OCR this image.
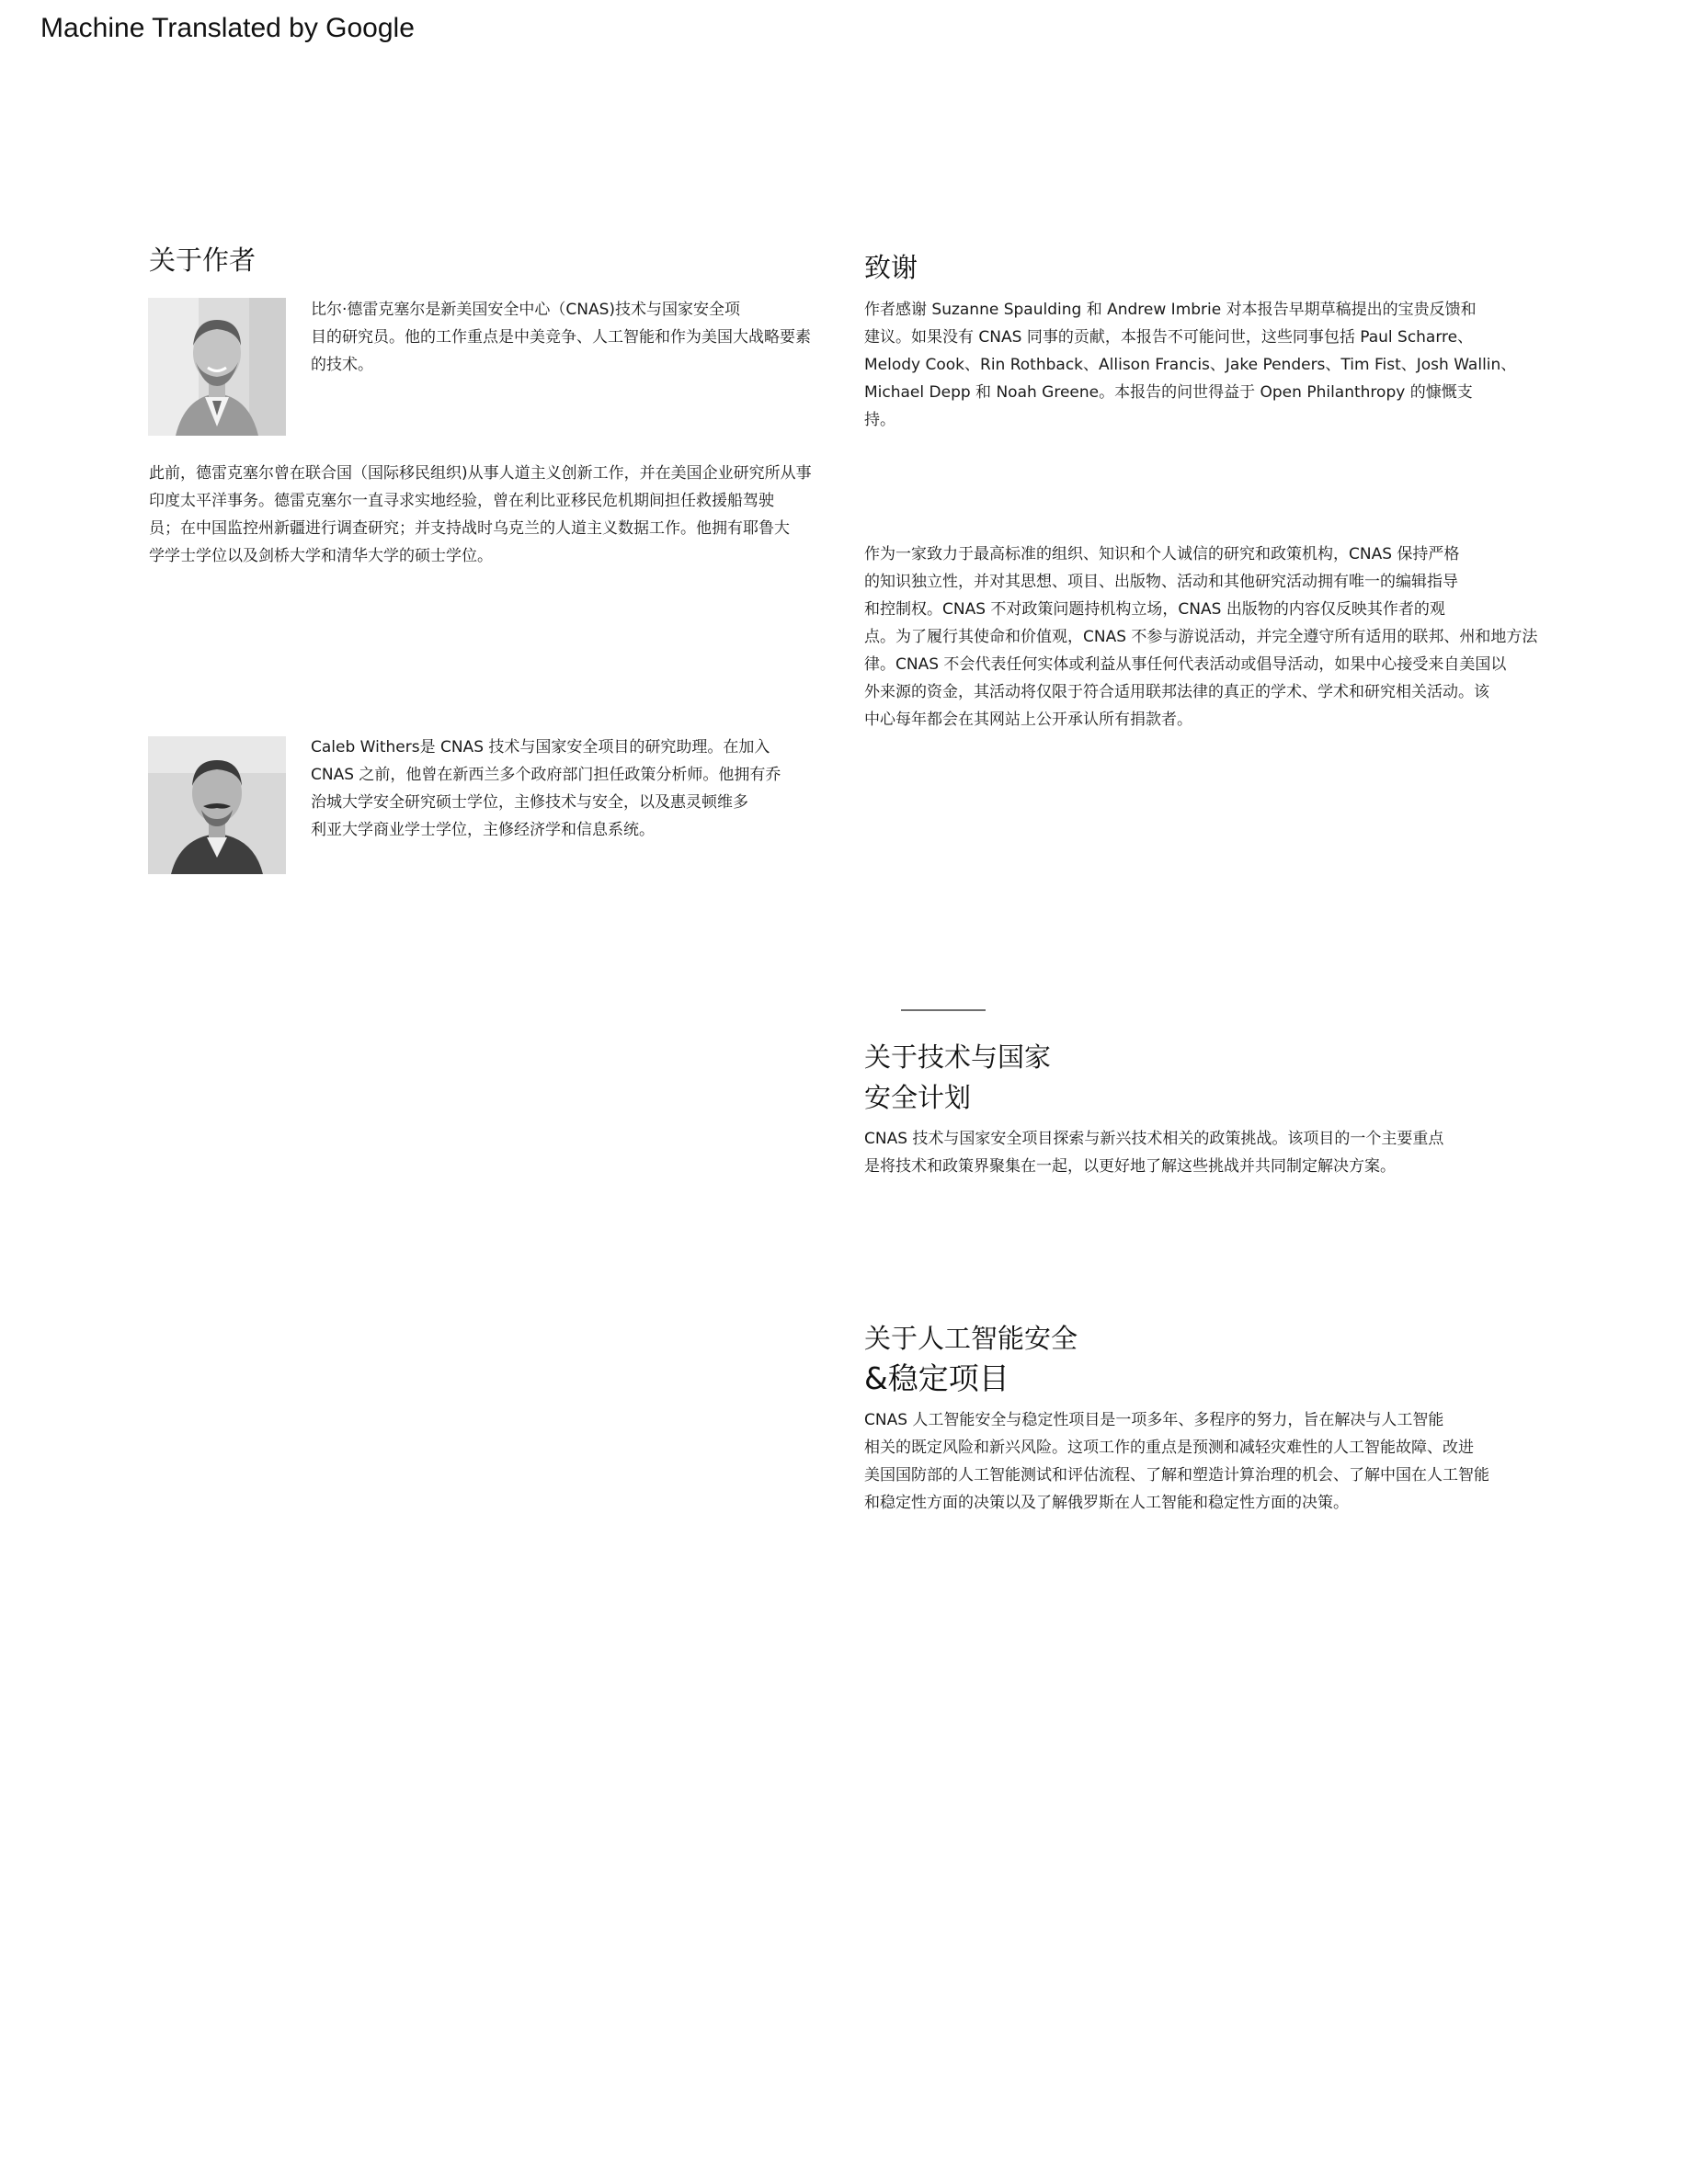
Machine Translated by Google
关于作者

比尔·德雷克塞尔是新美国安全中心（CNAS)技术与国家安全项
目的研究员。他的工作重点是中美竞争、人工智能和作为美国大战略要素
的技术。

此前，德雷克塞尔曾在联合国（国际移民组织)从事人道主义创新工作，并在美国企业研究所从事
印度太平洋事务。德雷克塞尔一直寻求实地经验，曾在利比亚移民危机期间担任救援船驾驶
员；在中国监控州新疆进行调查研究；并支持战时乌克兰的人道主义数据工作。他拥有耶鲁大
学学士学位以及剑桥大学和清华大学的硕士学位。

Caleb Withers是 CNAS 技术与国家安全项目的研究助理。在加入
CNAS 之前，他曾在新西兰多个政府部门担任政策分析师。他拥有乔
治城大学安全研究硕士学位，主修技术与安全，以及惠灵顿维多
利亚大学商业学士学位，主修经济学和信息系统。

致谢

作者感谢 Suzanne Spaulding 和 Andrew Imbrie 对本报告早期草稿提出的宝贵反馈和
建议。如果没有 CNAS 同事的贡献，本报告不可能问世，这些同事包括 Paul Scharre、
Melody Cook、Rin Rothback、Allison Francis、Jake Penders、Tim Fist、Josh Wallin、
Michael Depp 和 Noah Greene。本报告的问世得益于 Open Philanthropy 的慷慨支
持。

作为一家致力于最高标准的组织、知识和个人诚信的研究和政策机构，CNAS 保持严格
的知识独立性，并对其思想、项目、出版物、活动和其他研究活动拥有唯一的编辑指导
和控制权。CNAS 不对政策问题持机构立场，CNAS 出版物的内容仅反映其作者的观
点。为了履行其使命和价值观，CNAS 不参与游说活动，并完全遵守所有适用的联邦、州和地方法
律。CNAS 不会代表任何实体或利益从事任何代表活动或倡导活动，如果中心接受来自美国以
外来源的资金，其活动将仅限于符合适用联邦法律的真正的学术、学术和研究相关活动。该
中心每年都会在其网站上公开承认所有捐款者。

关于技术与国家
安全计划

CNAS 技术与国家安全项目探索与新兴技术相关的政策挑战。该项目的一个主要重点
是将技术和政策界聚集在一起，以更好地了解这些挑战并共同制定解决方案。

关于人工智能安全
&稳定项目

CNAS 人工智能安全与稳定性项目是一项多年、多程序的努力，旨在解决与人工智能
相关的既定风险和新兴风险。这项工作的重点是预测和减轻灾难性的人工智能故障、改进
美国国防部的人工智能测试和评估流程、了解和塑造计算治理的机会、了解中国在人工智能
和稳定性方面的决策以及了解俄罗斯在人工智能和稳定性方面的决策。
